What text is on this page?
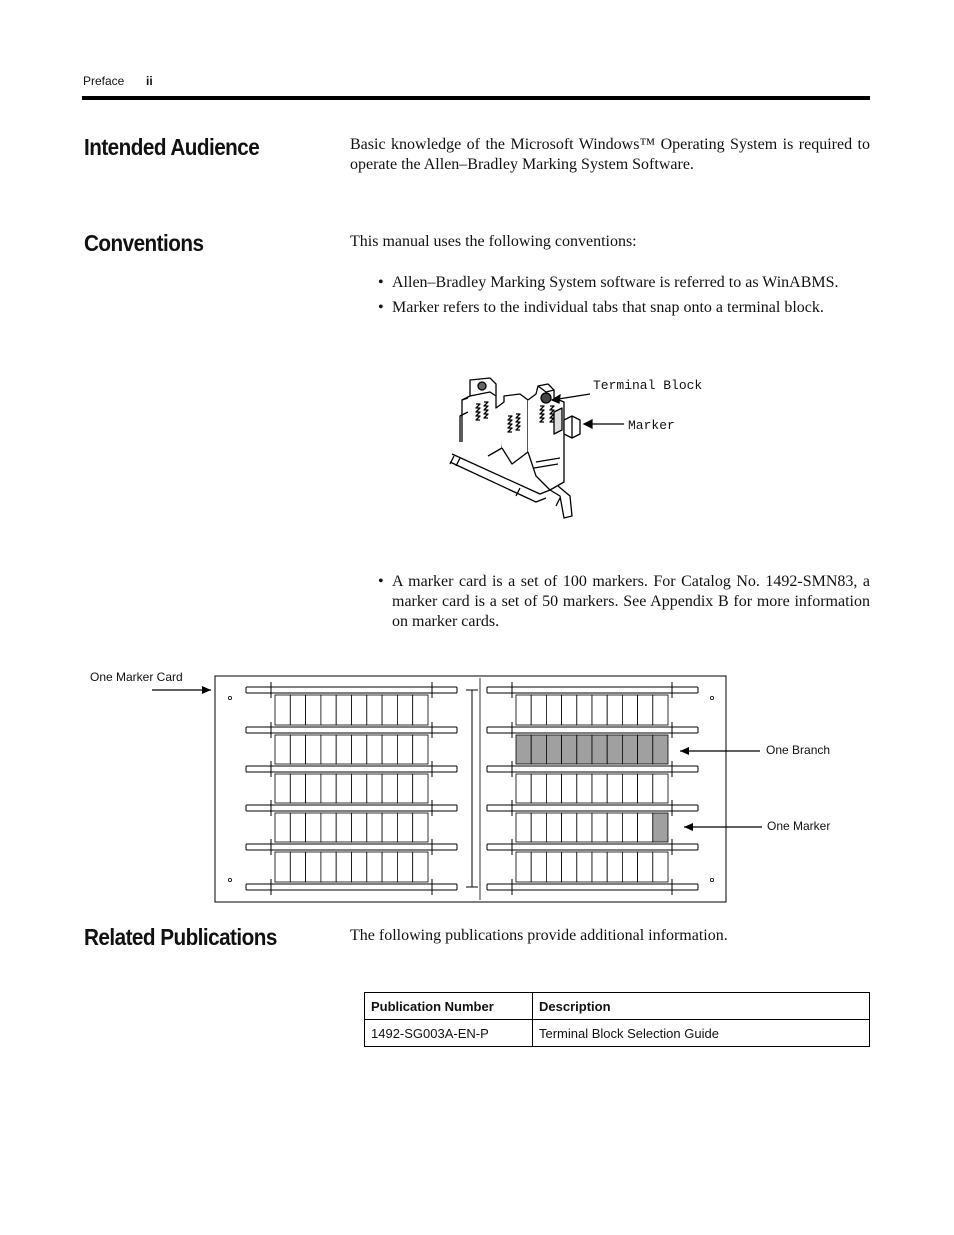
Preface ii
Intended Audience	Basic knowledge of the Microsoft Windows™ Operating System is required to operate the Allen–Bradley Marking System Software.
Conventions	This manual uses the following conventions:
• Allen–Bradley Marking System software is referred to as WinABMS.
• Marker refers to the individual tabs that snap onto a terminal block.
Terminal Block
Marker
• A marker card is a set of 100 markers. For Catalog No. 1492-SMN83, a marker card is a set of 50 markers. See Appendix B for more information on marker cards.
One Marker Card
One Branch
One Marker
Related Publications	The following publications provide additional information.
Publication Number	Description
1492-SG003A-EN-P	Terminal Block Selection Guide
